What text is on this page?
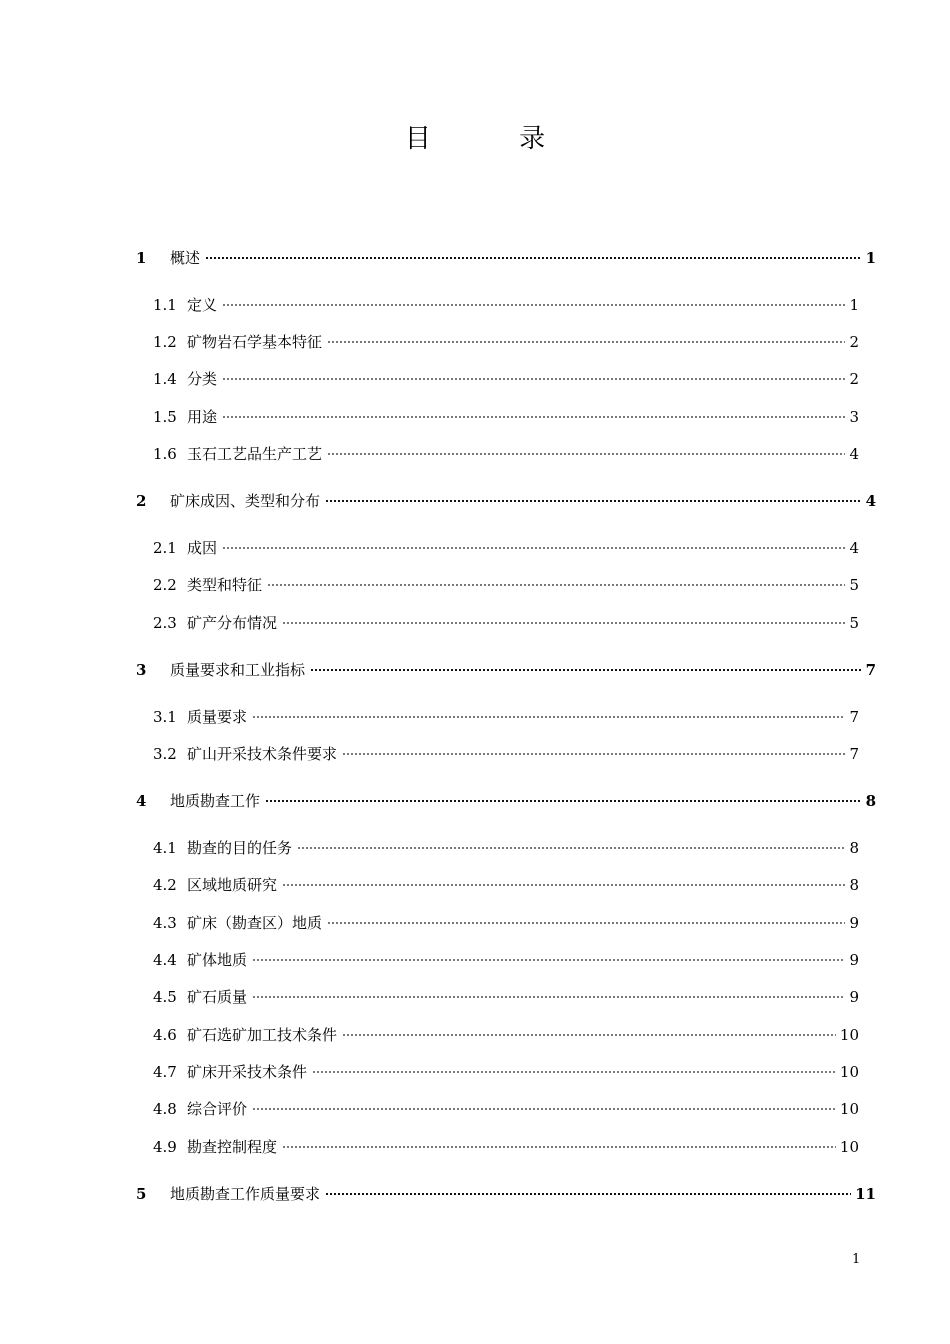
目 录
1	概述	1
1.1 定义	1
1.2 矿物岩石学基本特征	2
1.4 分类	2
1.5 用途	3
1.6 玉石工艺品生产工艺	4
2	矿床成因、类型和分布	4
2.1 成因	4
2.2 类型和特征	5
2.3 矿产分布情况	5
3	质量要求和工业指标	7
3.1 质量要求	7
3.2 矿山开采技术条件要求	7
4	地质勘查工作	8
4.1 勘查的目的任务	8
4.2 区域地质研究	8
4.3 矿床（勘查区）地质	9
4.4 矿体地质	9
4.5 矿石质量	9
4.6 矿石选矿加工技术条件	10
4.7 矿床开采技术条件	10
4.8 综合评价	10
4.9 勘查控制程度	10
5	地质勘查工作质量要求	11
1
